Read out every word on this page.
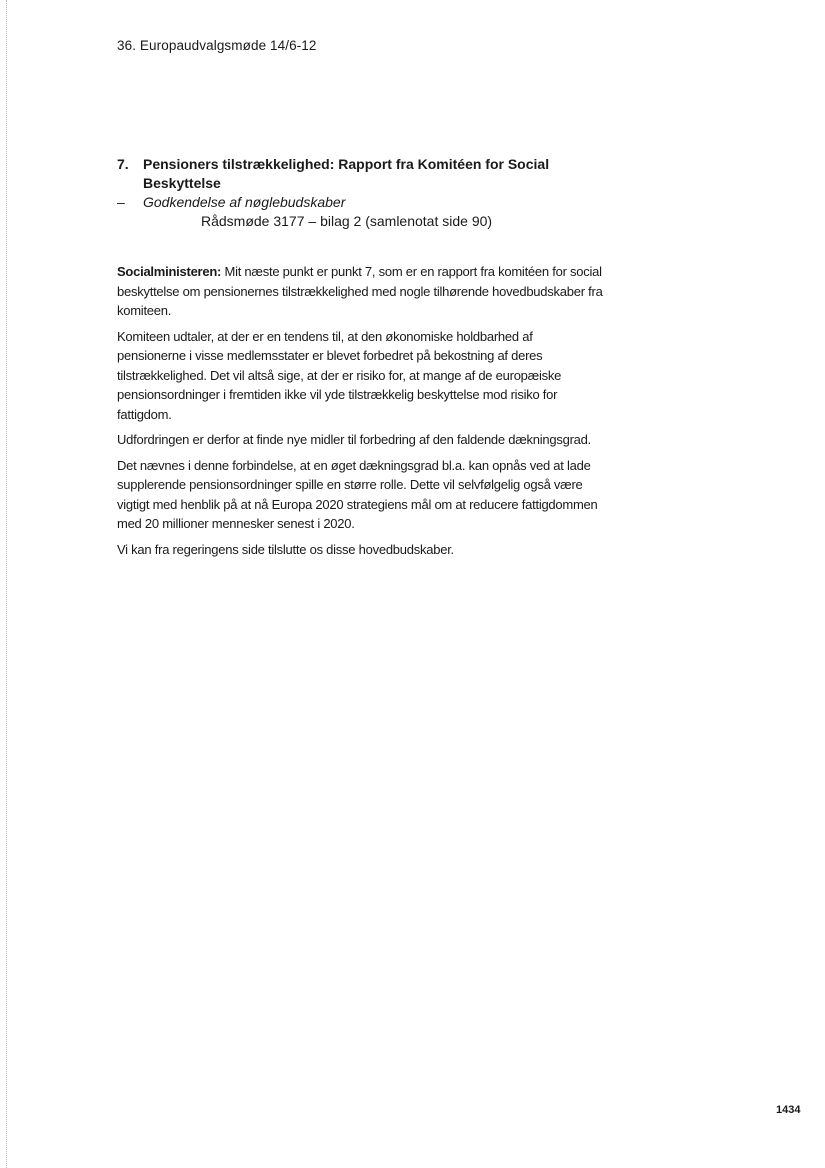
36. Europaudvalgsmøde 14/6-12
7.	Pensioners tilstrækkelighed: Rapport fra Komitéen for Social Beskyttelse
–	Godkendelse af nøglebudskaber
Rådsmøde 3177 – bilag 2 (samlenotat side 90)

Socialministeren: Mit næste punkt er punkt 7, som er en rapport fra komitéen for social beskyttelse om pensionernes tilstrækkelighed med nogle tilhørende hovedbudskaber fra komiteen.

Komiteen udtaler, at der er en tendens til, at den økonomiske holdbarhed af pensionerne i visse medlemsstater er blevet forbedret på bekostning af deres tilstrækkelighed. Det vil altså sige, at der er risiko for, at mange af de europæiske pensionsordninger i fremtiden ikke vil yde tilstrækkelig beskyttelse mod risiko for fattigdom.

Udfordringen er derfor at finde nye midler til forbedring af den faldende dækningsgrad.

Det nævnes i denne forbindelse, at en øget dækningsgrad bl.a. kan opnås ved at lade supplerende pensionsordninger spille en større rolle. Dette vil selvfølgelig også være vigtigt med henblik på at nå Europa 2020 strategiens mål om at reducere fattigdommen med 20 millioner mennesker senest i 2020.

Vi kan fra regeringens side tilslutte os disse hovedbudskaber.

1434
